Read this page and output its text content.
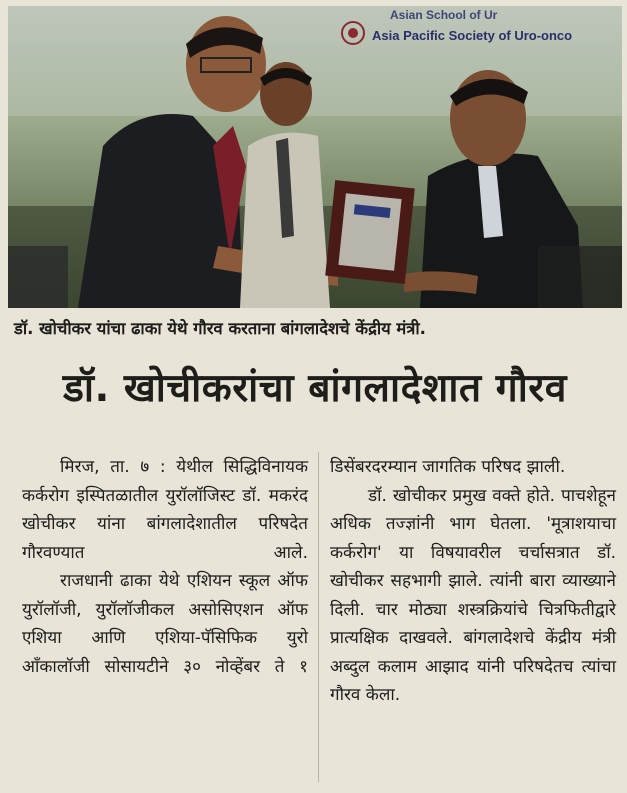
Asian School of Ur
Asia Pacific Society of Uro-onco
डॉ. खोचीकर यांचा ढाका येथे गौरव करताना बांगलादेशचे केंद्रीय मंत्री.
डॉ. खोचीकरांचा बांगलादेशात गौरव

मिरज, ता. ७ : येथील सिद्धिविनायक कर्करोग इस्पितळातील युरॉलॉजिस्ट डॉ. मकरंद खोचीकर यांना बांगलादेशातील परिषदेत गौरवण्यात आले.

राजधानी ढाका येथे एशियन स्कूल ऑफ युरॉलॉजी, युरॉलॉजीकल असोसिएशन ऑफ एशिया आणि एशिया-पॅसिफिक युरो ऑंकालॉजी सोसायटीने ३० नोव्हेंबर ते १

डिसेंबरदरम्यान जागतिक परिषद झाली.

डॉ. खोचीकर प्रमुख वक्ते होते. पाचशेहून अधिक तज्ज्ञांनी भाग घेतला. 'मूत्राशयाचा कर्करोग' या विषयावरील चर्चासत्रात डॉ. खोचीकर सहभागी झाले. त्यांनी बारा व्याख्याने दिली. चार मोठ्या शस्त्रक्रियांचे चित्रफितीद्वारे प्रात्यक्षिक दाखवले. बांगलादेशचे केंद्रीय मंत्री अब्दुल कलाम आझाद यांनी परिषदेतच त्यांचा गौरव केला.
